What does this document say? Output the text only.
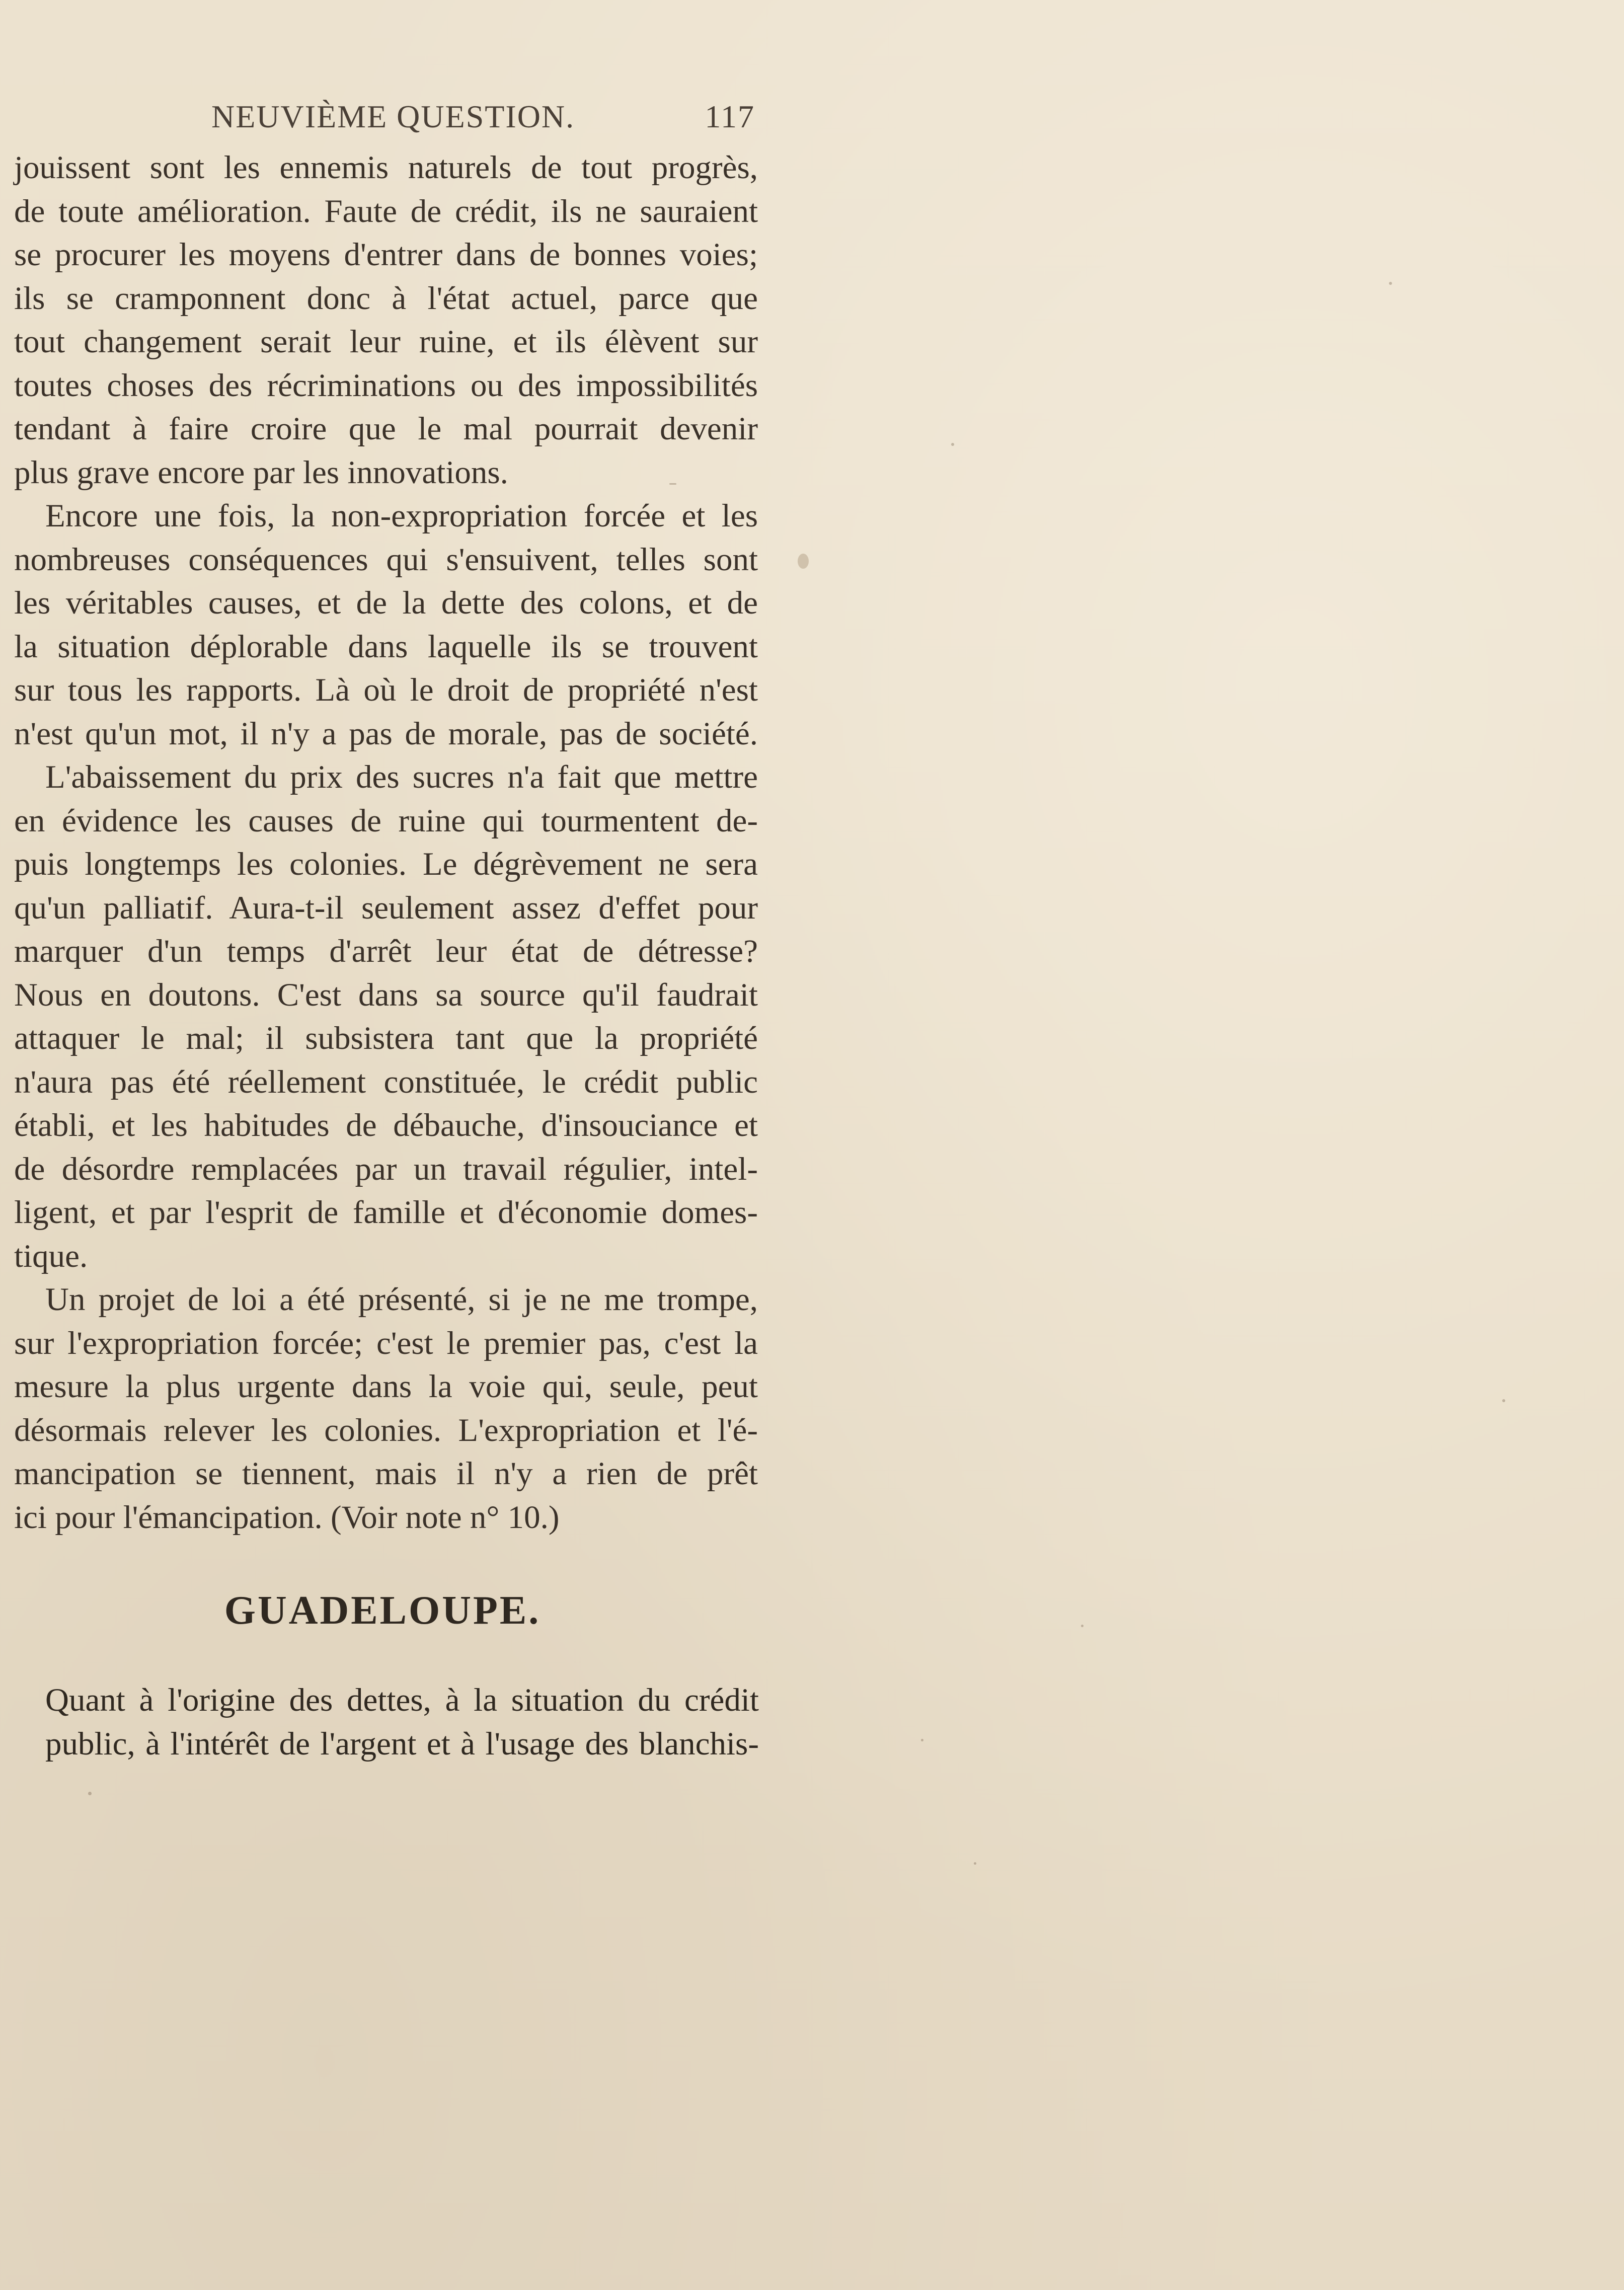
NEUVIÈME QUESTION.	117

jouissent sont les ennemis naturels de tout progrès,

de toute amélioration. Faute de crédit, ils ne sauraient

se procurer les moyens d'entrer dans de bonnes voies;

ils se cramponnent donc à l'état actuel, parce que

tout changement serait leur ruine, et ils élèvent sur

toutes choses des récriminations ou des impossibilités

tendant à faire croire que le mal pourrait devenir

plus grave encore par les innovations.

Encore une fois, la non-expropriation forcée et les

nombreuses conséquences qui s'ensuivent, telles sont

les véritables causes, et de la dette des colons, et de

la situation déplorable dans laquelle ils se trouvent

sur tous les rapports. Là où le droit de propriété n'est

n'est qu'un mot, il n'y a pas de morale, pas de société.

L'abaissement du prix des sucres n'a fait que mettre

en évidence les causes de ruine qui tourmentent de-

puis longtemps les colonies. Le dégrèvement ne sera

qu'un palliatif. Aura-t-il seulement assez d'effet pour

marquer d'un temps d'arrêt leur état de détresse?

Nous en doutons. C'est dans sa source qu'il faudrait

attaquer le mal; il subsistera tant que la propriété

n'aura pas été réellement constituée, le crédit public

établi, et les habitudes de débauche, d'insouciance et

de désordre remplacées par un travail régulier, intel-

ligent, et par l'esprit de famille et d'économie domes-

tique.

Un projet de loi a été présenté, si je ne me trompe,

sur l'expropriation forcée; c'est le premier pas, c'est la

mesure la plus urgente dans la voie qui, seule, peut

désormais relever les colonies. L'expropriation et l'é-

mancipation se tiennent, mais il n'y a rien de prêt

ici pour l'émancipation. (Voir note n° 10.)

GUADELOUPE.

Quant à l'origine des dettes, à la situation du crédit

public, à l'intérêt de l'argent et à l'usage des blanchis-
